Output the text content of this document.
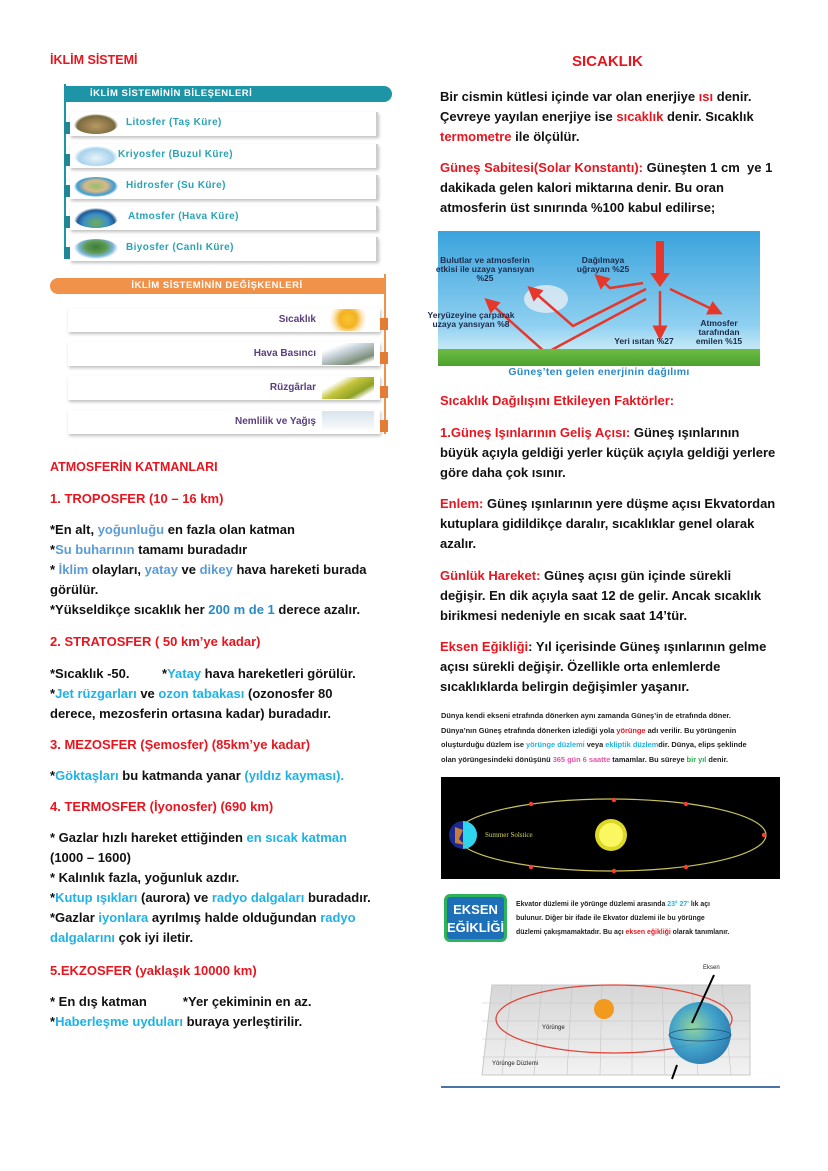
İKLİM SİSTEMİ
İKLİM SİSTEMİNİN BİLEŞENLERİ
Litosfer (Taş Küre)
Kriyosfer (Buzul Küre)
Hidrosfer (Su Küre)
Atmosfer (Hava Küre)
Biyosfer (Canlı Küre)
İKLİM SİSTEMİNİN DEĞİŞKENLERİ
Sıcaklık
Hava Basıncı
Rüzgârlar
Nemlilik ve Yağış
ATMOSFERİN KATMANLARI
1. TROPOSFER (10 – 16 km)
*En alt, yoğunluğu en fazla olan katman
*Su buharının tamamı buradadır
* İklim olayları, yatay ve dikey hava hareketi burada
görülür.
*Yükseldikçe sıcaklık her 200 m de 1 derece azalır.
2. STRATOSFER ( 50 km’ye kadar)
*Sıcaklık -50.         *Yatay hava hareketleri görülür.
*Jet rüzgarları ve ozon tabakası (ozonosfer 80
derece, mezosferin ortasına kadar) buradadır.
3. MEZOSFER (Şemosfer) (85km’ye kadar)
*Göktaşları bu katmanda yanar (yıldız kayması).
4. TERMOSFER (İyonosfer) (690 km)
* Gazlar hızlı hareket ettiğinden en sıcak katman
(1000 – 1600)
* Kalınlık fazla, yoğunluk azdır.
*Kutup ışıkları (aurora) ve radyo dalgaları buradadır.
*Gazlar iyonlara ayrılmış halde olduğundan radyo
dalgalarını çok iyi iletir.
5.EKZOSFER (yaklaşık 10000 km)
* En dış katman          *Yer çekiminin en az.
*Haberleşme uyduları buraya yerleştirilir.
SICAKLIK
Bir cismin kütlesi içinde var olan enerjiye ısı denir.
Çevreye yayılan enerjiye ise sıcaklık denir. Sıcaklık
termometre ile ölçülür.
Güneş Sabitesi(Solar Konstantı): Güneşten 1 cm  ye 1
dakikada gelen kalori miktarına denir. Bu oran
atmosferin üst sınırında %100 kabul edilirse;
Bulutlar ve atmosferin etkisi ile uzaya yansıyan %25
Dağılmaya uğrayan %25
Yeryüzeyine çarparak uzaya yansıyan %8
Yeri ısıtan %27
Atmosfer tarafından emilen %15
Güneş’ten gelen enerjinin dağılımı
Sıcaklık Dağılışını Etkileyen Faktörler:
1.Güneş Işınlarının Geliş Açısı: Güneş ışınlarının
büyük açıyla geldiği yerler küçük açıyla geldiği yerlere
göre daha çok ısınır.
Enlem: Güneş ışınlarının yere düşme açısı Ekvatordan
kutuplara gidildikçe daralır, sıcaklıklar genel olarak
azalır.
Günlük Hareket: Güneş açısı gün içinde sürekli
değişir. En dik açıyla saat 12 de gelir. Ancak sıcaklık
birikmesi nedeniyle en sıcak saat 14’tür.
Eksen Eğikliği: Yıl içerisinde Güneş ışınlarının gelme
açısı sürekli değişir. Özellikle orta enlemlerde
sıcaklıklarda belirgin değişimler yaşanır.
Dünya kendi ekseni etrafında dönerken aynı zamanda Güneş’in de etrafında döner.
Dünya’nın Güneş etrafında dönerken izlediği yola yörünge adı verilir. Bu yörüngenin
oluşturduğu düzlem ise yörünge düzlemi veya ekliptik düzlemdir. Dünya, elips şeklinde
olan yörüngesindeki dönüşünü 365 gün 6 saatte tamamlar. Bu süreye bir yıl denir.
Summer Solstice
EKSEN
EĞİKLİĞİ
Ekvator düzlemi ile yörünge düzlemi arasında 23° 27' lık açı
bulunur. Diğer bir ifade ile Ekvator düzlemi ile bu yörünge
düzlemi çakışmamaktadır. Bu açı eksen eğikliği olarak tanımlanır.
Eksen
Yörünge
Yörünge Düzlemi
